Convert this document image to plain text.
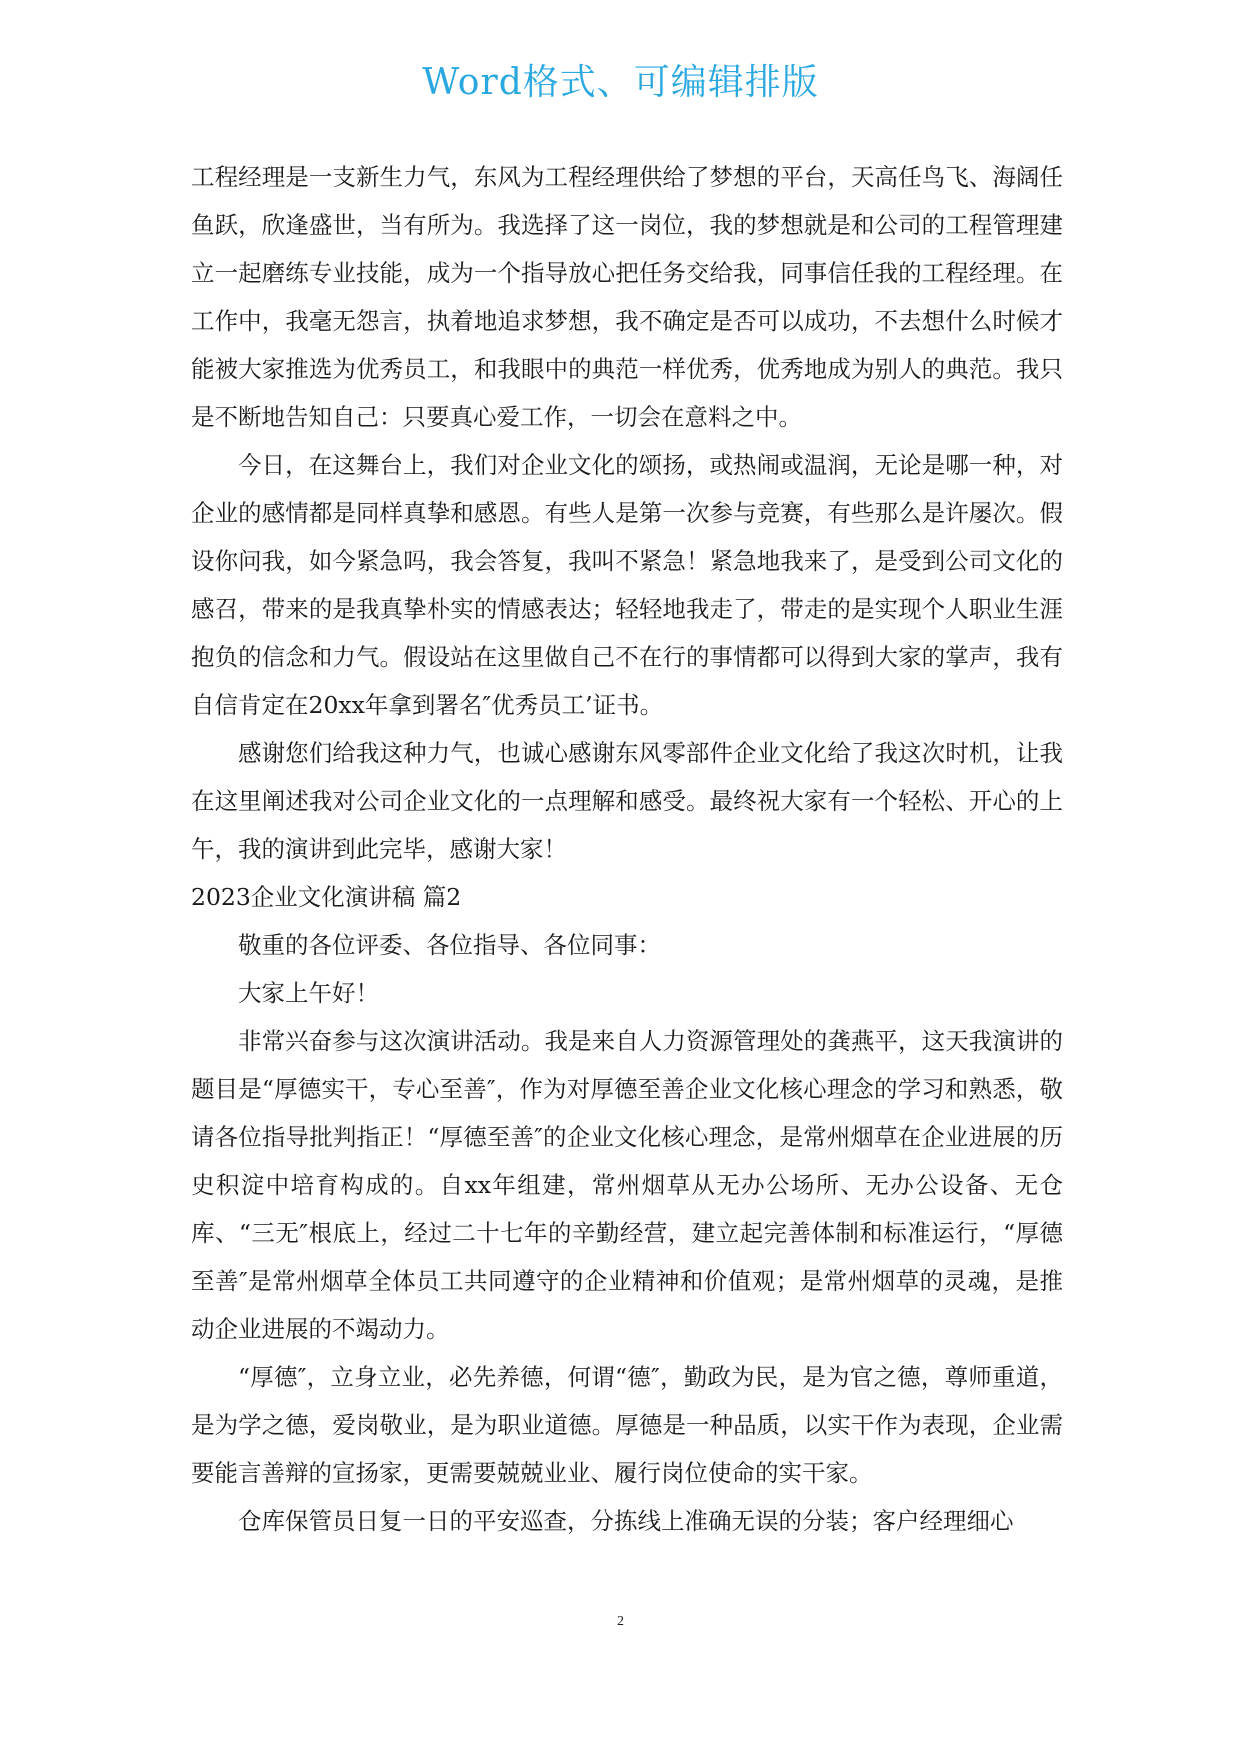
Word格式、可编辑排版

工程经理是一支新生力气，东风为工程经理供给了梦想的平台，天高任鸟飞、海阔任鱼跃，欣逢盛世，当有所为。我选择了这一岗位，我的梦想就是和公司的工程管理建立一起磨练专业技能，成为一个指导放心把任务交给我，同事信任我的工程经理。在工作中，我毫无怨言，执着地追求梦想，我不确定是否可以成功，不去想什么时候才能被大家推选为优秀员工，和我眼中的典范一样优秀，优秀地成为别人的典范。我只是不断地告知自己：只要真心爱工作，一切会在意料之中。

今日，在这舞台上，我们对企业文化的颂扬，或热闹或温润，无论是哪一种，对企业的感情都是同样真挚和感恩。有些人是第一次参与竞赛，有些那么是许屡次。假设你问我，如今紧急吗，我会答复，我叫不紧急！紧急地我来了，是受到公司文化的感召，带来的是我真挚朴实的情感表达；轻轻地我走了，带走的是实现个人职业生涯抱负的信念和力气。假设站在这里做自己不在行的事情都可以得到大家的掌声，我有自信肯定在20xx年拿到署名″优秀员工’证书。

感谢您们给我这种力气，也诚心感谢东风零部件企业文化给了我这次时机，让我在这里阐述我对公司企业文化的一点理解和感受。最终祝大家有一个轻松、开心的上午，我的演讲到此完毕，感谢大家！

2023企业文化演讲稿 篇2

敬重的各位评委、各位指导、各位同事：

大家上午好！

非常兴奋参与这次演讲活动。我是来自人力资源管理处的龚燕平，这天我演讲的题目是“厚德实干，专心至善″，作为对厚德至善企业文化核心理念的学习和熟悉，敬请各位指导批判指正！“厚德至善″的企业文化核心理念，是常州烟草在企业进展的历史积淀中培育构成的。自xx年组建，常州烟草从无办公场所、无办公设备、无仓库、“三无″根底上，经过二十七年的辛勤经营，建立起完善体制和标准运行，“厚德至善″是常州烟草全体员工共同遵守的企业精神和价值观；是常州烟草的灵魂，是推动企业进展的不竭动力。

“厚德″，立身立业，必先养德，何谓“德″，勤政为民，是为官之德，尊师重道，是为学之德，爱岗敬业，是为职业道德。厚德是一种品质，以实干作为表现，企业需要能言善辩的宣扬家，更需要兢兢业业、履行岗位使命的实干家。

仓库保管员日复一日的平安巡查，分拣线上准确无误的分装；客户经理细心

2
